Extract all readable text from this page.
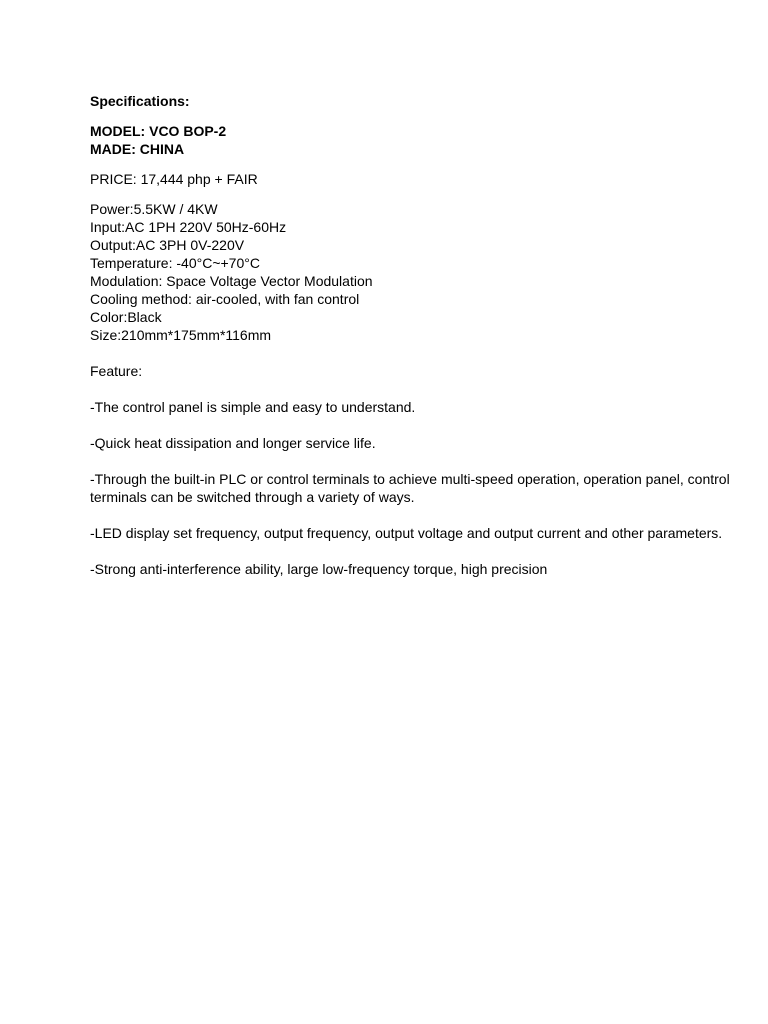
Specifications:

MODEL: VCO BOP-2

MADE: CHINA

PRICE: 17,444 php + FAIR

Power:5.5KW / 4KW

Input:AC 1PH 220V 50Hz-60Hz

Output:AC 3PH 0V-220V

Temperature: -40°C~+70°C

Modulation: Space Voltage Vector Modulation

Cooling method: air-cooled, with fan control

Color:Black

Size:210mm*175mm*116mm

Feature:

-The control panel is simple and easy to understand.

-Quick heat dissipation and longer service life.

-Through the built-in PLC or control terminals to achieve multi-speed operation, operation panel, control terminals can be switched through a variety of ways.

-LED display set frequency, output frequency, output voltage and output current and other parameters.

-Strong anti-interference ability, large low-frequency torque, high precision
